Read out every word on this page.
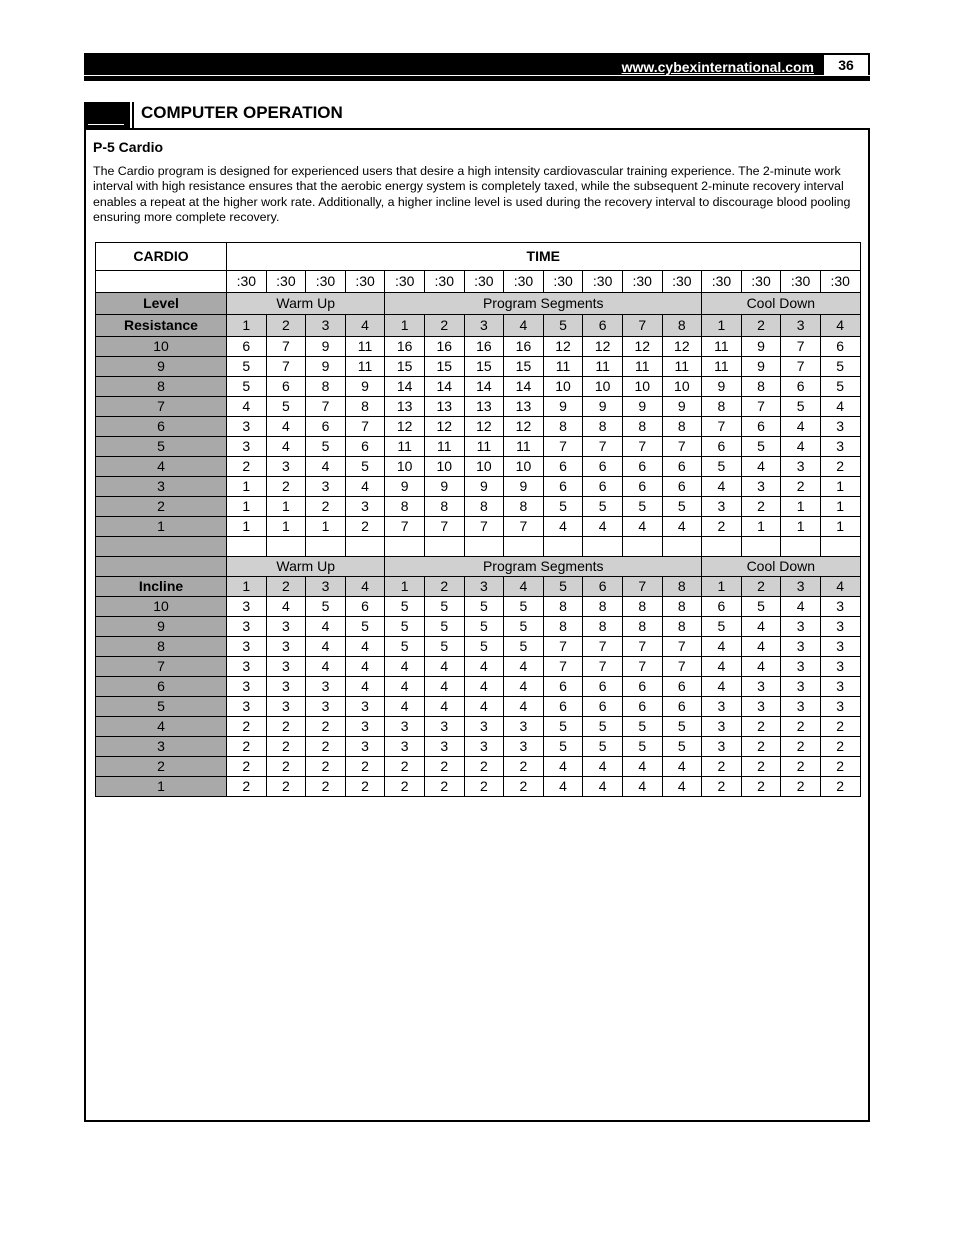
www.cybexinternational.com	36
COMPUTER OPERATION
P-5 Cardio
The Cardio program is designed for experienced users that desire a high intensity cardiovascular training experience. The 2-minute work interval with high resistance ensures that the aerobic energy system is completely taxed, while the subsequent 2-minute recovery interval enables a repeat at the higher work rate. Additionally, a higher incline level is used during the recovery interval to discourage blood pooling ensuring more complete recovery.
CARDIO	TIME															
	:30	:30	:30	:30	:30	:30	:30	:30	:30	:30	:30	:30	:30	:30	:30	:30
Level	Warm Up				Program Segments								Cool Down			
Resistance	1	2	3	4	1	2	3	4	5	6	7	8	1	2	3	4
10	6	7	9	11	16	16	16	16	12	12	12	12	11	9	7	6
9	5	7	9	11	15	15	15	15	11	11	11	11	11	9	7	5
8	5	6	8	9	14	14	14	14	10	10	10	10	9	8	6	5
7	4	5	7	8	13	13	13	13	9	9	9	9	8	7	5	4
6	3	4	6	7	12	12	12	12	8	8	8	8	7	6	4	3
5	3	4	5	6	11	11	11	11	7	7	7	7	6	5	4	3
4	2	3	4	5	10	10	10	10	6	6	6	6	5	4	3	2
3	1	2	3	4	9	9	9	9	6	6	6	6	4	3	2	1
2	1	1	2	3	8	8	8	8	5	5	5	5	3	2	1	1
1	1	1	1	2	7	7	7	7	4	4	4	4	2	1	1	1

	Warm Up				Program Segments								Cool Down			
Incline	1	2	3	4	1	2	3	4	5	6	7	8	1	2	3	4
10	3	4	5	6	5	5	5	5	8	8	8	8	6	5	4	3
9	3	3	4	5	5	5	5	5	8	8	8	8	5	4	3	3
8	3	3	4	4	5	5	5	5	7	7	7	7	4	4	3	3
7	3	3	4	4	4	4	4	4	7	7	7	7	4	4	3	3
6	3	3	3	4	4	4	4	4	6	6	6	6	4	3	3	3
5	3	3	3	3	4	4	4	4	6	6	6	6	3	3	3	3
4	2	2	2	3	3	3	3	3	5	5	5	5	3	2	2	2
3	2	2	2	3	3	3	3	3	5	5	5	5	3	2	2	2
2	2	2	2	2	2	2	2	2	4	4	4	4	2	2	2	2
1	2	2	2	2	2	2	2	2	4	4	4	4	2	2	2	2
